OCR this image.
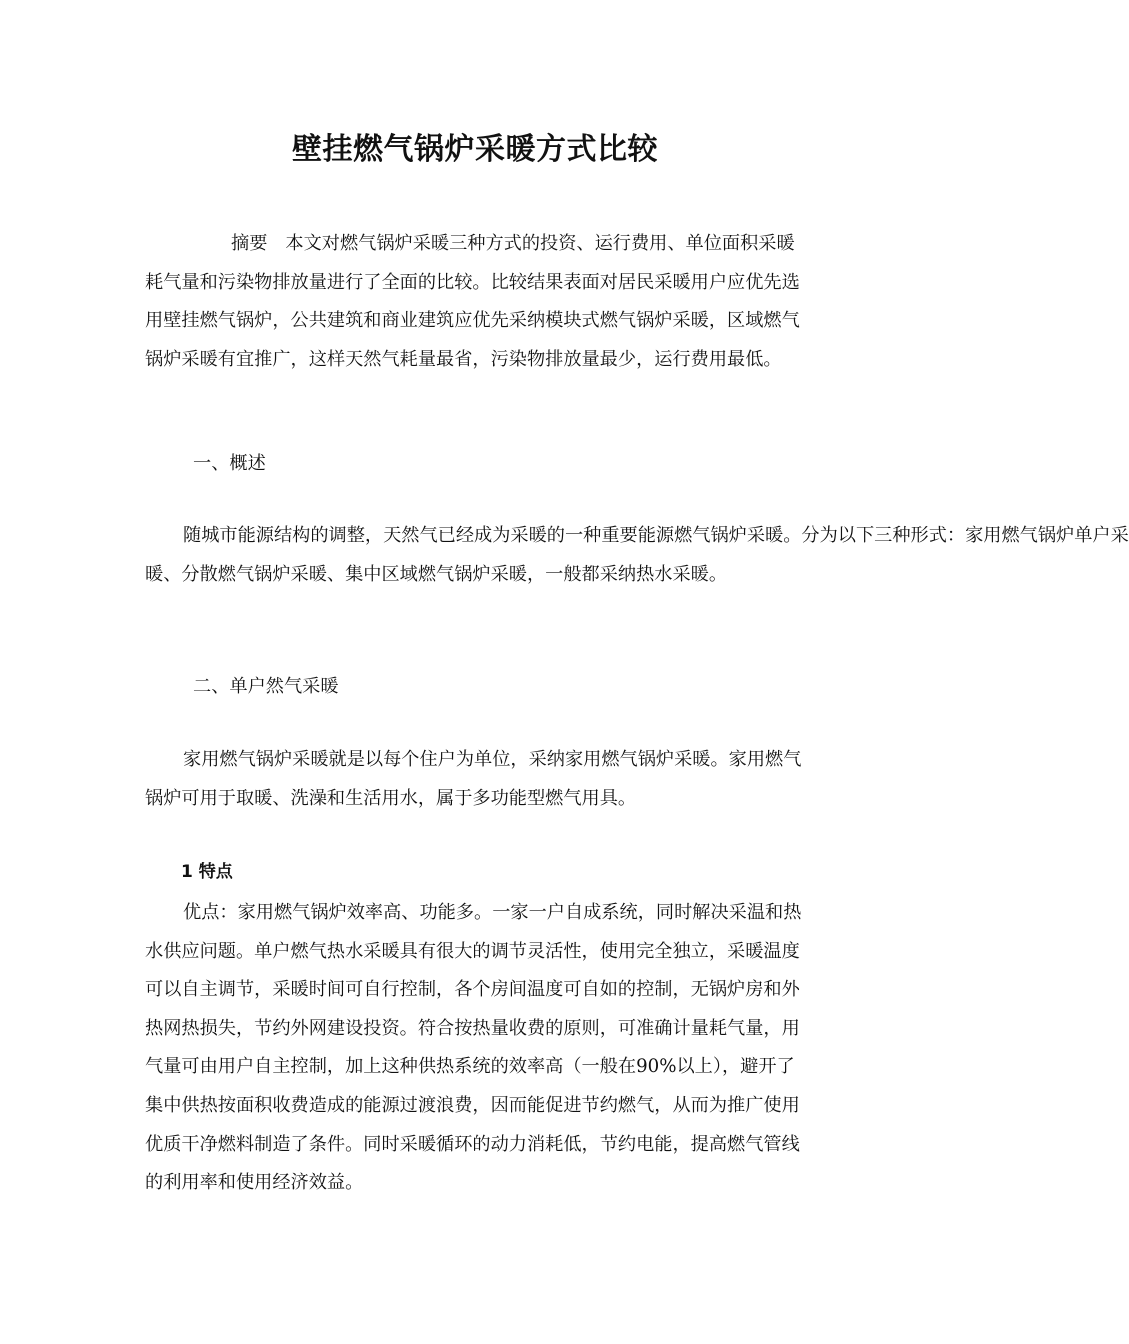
壁挂燃气锅炉采暖方式比较

摘要 本文对燃气锅炉采暖三种方式的投资、运行费用、单位面积采暖耗气量和污染物排放量进行了全面的比较。比较结果表面对居民采暖用户应优先选用壁挂燃气锅炉，公共建筑和商业建筑应优先采纳模块式燃气锅炉采暖，区域燃气锅炉采暖有宜推广，这样天然气耗量最省，污染物排放量最少，运行费用最低。

一、概述
随城市能源结构的调整，天然气已经成为采暖的一种重要能源燃气锅炉采暖。分为以下三种形式：家用燃气锅炉单户采
暖、分散燃气锅炉采暖、集中区域燃气锅炉采暖，一般都采纳热水采暖。
二、单户然气采暖

家用燃气锅炉采暖就是以每个住户为单位，采纳家用燃气锅炉采暖。家用燃气锅炉可用于取暖、洗澡和生活用水，属于多功能型燃气用具。

1 特点

优点：家用燃气锅炉效率高、功能多。一家一户自成系统，同时解决采温和热水供应问题。单户燃气热水采暖具有很大的调节灵活性，使用完全独立，采暖温度可以自主调节，采暖时间可自行控制，各个房间温度可自如的控制，无锅炉房和外热网热损失，节约外网建设投资。符合按热量收费的原则，可准确计量耗气量，用气量可由用户自主控制，加上这种供热系统的效率高（一般在90%以上），避开了集中供热按面积收费造成的能源过渡浪费，因而能促进节约燃气，从而为推广使用优质干净燃料制造了条件。同时采暖循环的动力消耗低，节约电能，提高燃气管线的利用率和使用经济效益。
